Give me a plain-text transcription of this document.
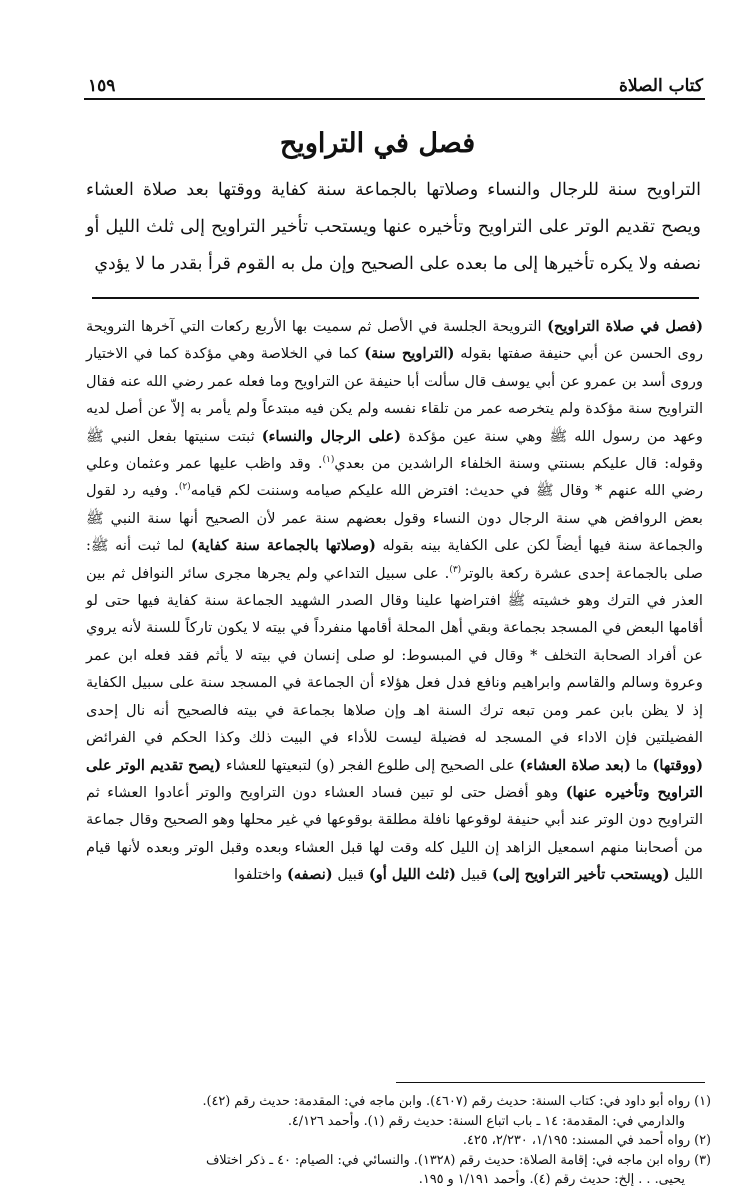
١٥٩	كتاب الصلاة
فصل في التراويح

التراويح سنة للرجال والنساء وصلاتها بالجماعة سنة كفاية ووقتها بعد صلاة العشاء ويصح تقديم الوتر على التراويح وتأخيره عنها ويستحب تأخير التراويح إلى ثلث الليل أو نصفه ولا يكره تأخيرها إلى ما بعده على الصحيح وإن مل به القوم قرأ بقدر ما لا يؤدي

(فصل في صلاة التراويح) الترويحة الجلسة في الأصل ثم سميت بها الأربع ركعات التي آخرها الترويحة روى الحسن عن أبي حنيفة صفتها بقوله (التراويح سنة) كما في الخلاصة وهي مؤكدة كما في الاختيار وروى أسد بن عمرو عن أبي يوسف قال سألت أبا حنيفة عن التراويح وما فعله عمر رضي الله عنه فقال التراويح سنة مؤكدة ولم يتخرصه عمر من تلقاء نفسه ولم يكن فيه مبتدعاً ولم يأمر به إلاّ عن أصل لديه وعهد من رسول الله ﷺ وهي سنة عين مؤكدة (على الرجال والنساء) ثبتت سنيتها بفعل النبي ﷺ وقوله: قال عليكم بسنتي وسنة الخلفاء الراشدين من بعدي$^{(١)}$. وقد واظب عليها عمر وعثمان وعلي رضي الله عنهم * وقال ﷺ في حديث: افترض الله عليكم صيامه وسننت لكم قيامه$^{(٢)}$. وفيه رد لقول بعض الروافض هي سنة الرجال دون النساء وقول بعضهم سنة عمر لأن الصحيح أنها سنة النبي ﷺ والجماعة سنة فيها أيضاً لكن على الكفاية بينه بقوله (وصلاتها بالجماعة سنة كفاية) لما ثبت أنه ﷺ: صلى بالجماعة إحدى عشرة ركعة بالوتر$^{(٣)}$. على سبيل التداعي ولم يجرها مجرى سائر النوافل ثم بين العذر في الترك وهو خشيته ﷺ افتراضها علينا وقال الصدر الشهيد الجماعة سنة كفاية فيها حتى لو أقامها البعض في المسجد بجماعة وبقي أهل المحلة أقامها منفرداً في بيته لا يكون تاركاً للسنة لأنه يروي عن أفراد الصحابة التخلف * وقال في المبسوط: لو صلى إنسان في بيته لا يأثم فقد فعله ابن عمر وعروة وسالم والقاسم وابراهيم ونافع فدل فعل هؤلاء أن الجماعة في المسجد سنة على سبيل الكفاية إذ لا يظن بابن عمر ومن تبعه ترك السنة اهـ وإن صلاها بجماعة في بيته فالصحيح أنه نال إحدى الفضيلتين فإن الاداء في المسجد له فضيلة ليست للأداء في البيت ذلك وكذا الحكم في الفرائض (ووقتها) ما (بعد صلاة العشاء) على الصحيح إلى طلوع الفجر (و) لتبعيتها للعشاء (يصح تقديم الوتر على التراويح وتأخيره عنها) وهو أفضل حتى لو تبين فساد العشاء دون التراويح والوتر أعادوا العشاء ثم التراويح دون الوتر عند أبي حنيفة لوقوعها نافلة مطلقة بوقوعها في غير محلها وهو الصحيح وقال جماعة من أصحابنا منهم اسمعيل الزاهد إن الليل كله وقت لها قبل العشاء وبعده وقبل الوتر وبعده لأنها قيام الليل (ويستحب تأخير التراويح إلى) قبيل (ثلث الليل أو) قبيل (نصفه) واختلفوا

(١) رواه أبو داود في: كتاب السنة: حديث رقم (٤٦٠٧). وابن ماجه في: المقدمة: حديث رقم (٤٢).
والدارمي في: المقدمة: ١٤ ـ باب اتباع السنة: حديث رقم (١). وأحمد ٤/١٢٦.
(٢) رواه أحمد في المسند: ١/١٩٥، ٢/٢٣٠، ٤٢٥.
(٣) رواه ابن ماجه في: إقامة الصلاة: حديث رقم (١٣٢٨). والنسائي في: الصيام: ٤٠ ـ ذكر اختلاف
يحيى. . . إلخ: حديث رقم (٤). وأحمد ١/١٩١ و ١٩٥.
